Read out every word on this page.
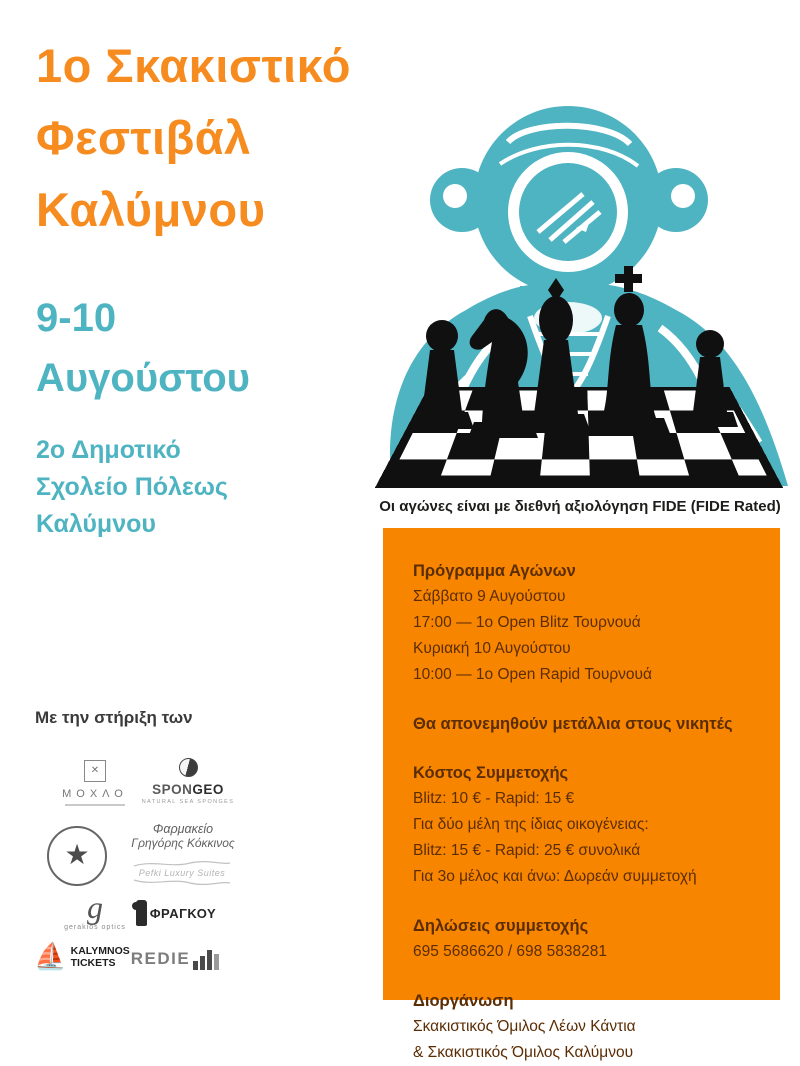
1ο Σκακιστικό
Φεστιβάλ
Καλύμνου
9-10
Αυγούστου
2ο Δημοτικό
Σχολείο Πόλεως
Καλύμνου
Οι αγώνες είναι με διεθνή αξιολόγηση FIDE (FIDE Rated)
Πρόγραμμα Αγώνων
Σάββατο 9 Αυγούστου
17:00 — 1ο Open Blitz Τουρνουά
Κυριακή 10 Αυγούστου
10:00 — 1ο Open Rapid Τουρνουά
Θα απονεμηθούν μετάλλια στους νικητές
Κόστος Συμμετοχής
Blitz: 10 € - Rapid: 15 €
Για δύο μέλη της ίδιας οικογένειας:
Blitz: 15 € - Rapid: 25 € συνολικά
Για 3ο μέλος και άνω: Δωρεάν συμμετοχή
Δηλώσεις συμμετοχής
695 5686620 / 698 5838281
Διοργάνωση
Σκακιστικός Όμιλος Λέων Κάντια
& Σκακιστικός Όμιλος Καλύμνου
Με την στήριξη των
✕
ΜΟΧΛΟ	SPONGEO
NATURAL SEA SPONGES
★
Φαρμακείο
Γρηγόρης Κόκκινος
Pefki Luxury Suites
g
gerakios optics
ΦΡΑΓΚΟΥ
⛵ KALYMNOS
TICKETS REDIE
